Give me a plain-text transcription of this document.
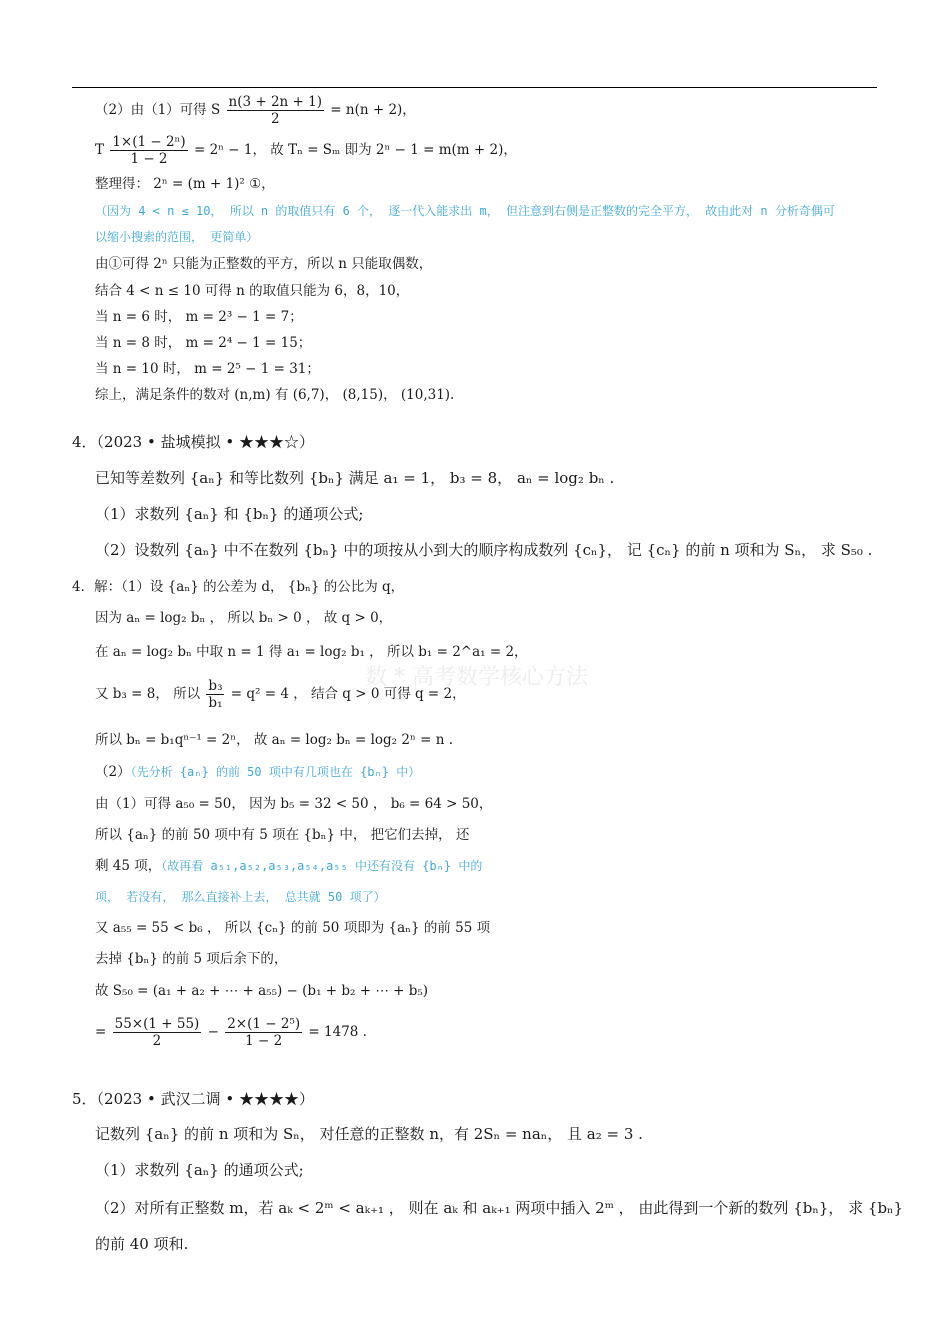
数 * 高考数学核心方法
（2）由（1）可得 S $\frac{n(3 + 2n + 1)}{2} = n(n + 2)$，
T $\frac{\text{1×(1 − 2ⁿ)}}{1 - 2} = 2^n - 1$， 故 Tₙ = Sₘ 即为 2ⁿ − 1 = m(m + 2)，
整理得： 2ⁿ = (m + 1)² ①，
（因为 4 < n ≤ 10， 所以 n 的取值只有 6 个， 逐一代入能求出 m， 但注意到右侧是正整数的完全平方， 故由此对 n 分析奇偶可
以缩小搜索的范围， 更简单）
由①可得 2ⁿ 只能为正整数的平方，所以 n 只能取偶数，
结合 4 < n ≤ 10 可得 n 的取值只能为 6，8，10，
当 n = 6 时， m = 2³ − 1 = 7；
当 n = 8 时， m = 2⁴ − 1 = 15；
当 n = 10 时， m = 2⁵ − 1 = 31；
综上，满足条件的数对 (n,m) 有 (6,7)， (8,15)， (10,31).
4．（2023 • 盐城模拟 • ★★★☆）
已知等差数列 {aₙ} 和等比数列 {bₙ} 满足 a₁ = 1， b₃ = 8， aₙ = log₂ bₙ .
（1）求数列 {aₙ} 和 {bₙ} 的通项公式;
（2）设数列 {aₙ} 中不在数列 {bₙ} 中的项按从小到大的顺序构成数列 {cₙ}， 记 {cₙ} 的前 n 项和为 Sₙ， 求 S₅₀ .
4．解：（1）设 {aₙ} 的公差为 d， {bₙ} 的公比为 q，
因为 aₙ = log₂ bₙ ， 所以 bₙ > 0 ， 故 q > 0，
在 aₙ = log₂ bₙ 中取 n = 1 得 a₁ = log₂ b₁ ， 所以 b₁ = 2^a₁ = 2，
又 b₃ = 8， 所以 $\frac{\text{b₃}}{\text{b₁}} = q^2 = 4$ ， 结合 q > 0 可得 q = 2，
所以 bₙ = b₁qⁿ⁻¹ = 2ⁿ， 故 aₙ = log₂ bₙ = log₂ 2ⁿ = n .
（2）（先分析 {aₙ} 的前 50 项中有几项也在 {bₙ} 中）
由（1）可得 a₅₀ = 50， 因为 b₅ = 32 < 50 ， b₆ = 64 > 50，
所以 {aₙ} 的前 50 项中有 5 项在 {bₙ} 中， 把它们去掉， 还
剩 45 项，（故再看 a₅₁,a₅₂,a₅₃,a₅₄,a₅₅ 中还有没有 {bₙ} 中的
项， 若没有， 那么直接补上去， 总共就 50 项了）
又 a₅₅ = 55 < b₆ ， 所以 {cₙ} 的前 50 项即为 {aₙ} 的前 55 项
去掉 {bₙ} 的前 5 项后余下的，
故 S₅₀ = (a₁ + a₂ + ⋯ + a₅₅) − (b₁ + b₂ + ⋯ + b₅)
= $\frac{55\times(1 + 55)}{2} - \frac{\text{2×(1 − 2⁵)}}{1 - 2} = 1478$ .
5．（2023 • 武汉二调 • ★★★★）
记数列 {aₙ} 的前 n 项和为 Sₙ， 对任意的正整数 n，有 2Sₙ = naₙ， 且 a₂ = 3 .
（1）求数列 {aₙ} 的通项公式;
（2）对所有正整数 m，若 aₖ < 2ᵐ < aₖ₊₁ ， 则在 aₖ 和 aₖ₊₁ 两项中插入 2ᵐ ， 由此得到一个新的数列 {bₙ}， 求 {bₙ}
的前 40 项和.
